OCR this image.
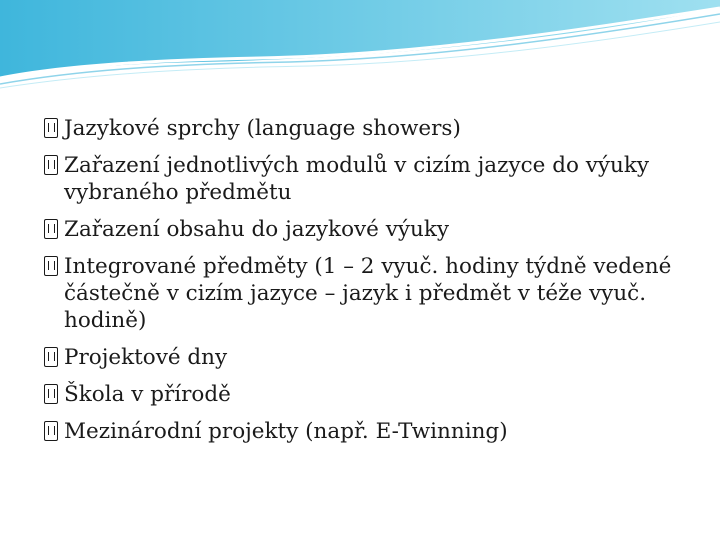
Jazykové sprchy (language showers)
Zařazení jednotlivých modulů v cizím jazyce do výuky vybraného předmětu
Zařazení obsahu do jazykové výuky
Integrované předměty (1 – 2 vyuč. hodiny týdně vedené částečně v cizím jazyce – jazyk i předmět v téže vyuč. hodině)
Projektové dny
Škola v přírodě
Mezinárodní projekty (např. E-Twinning)
